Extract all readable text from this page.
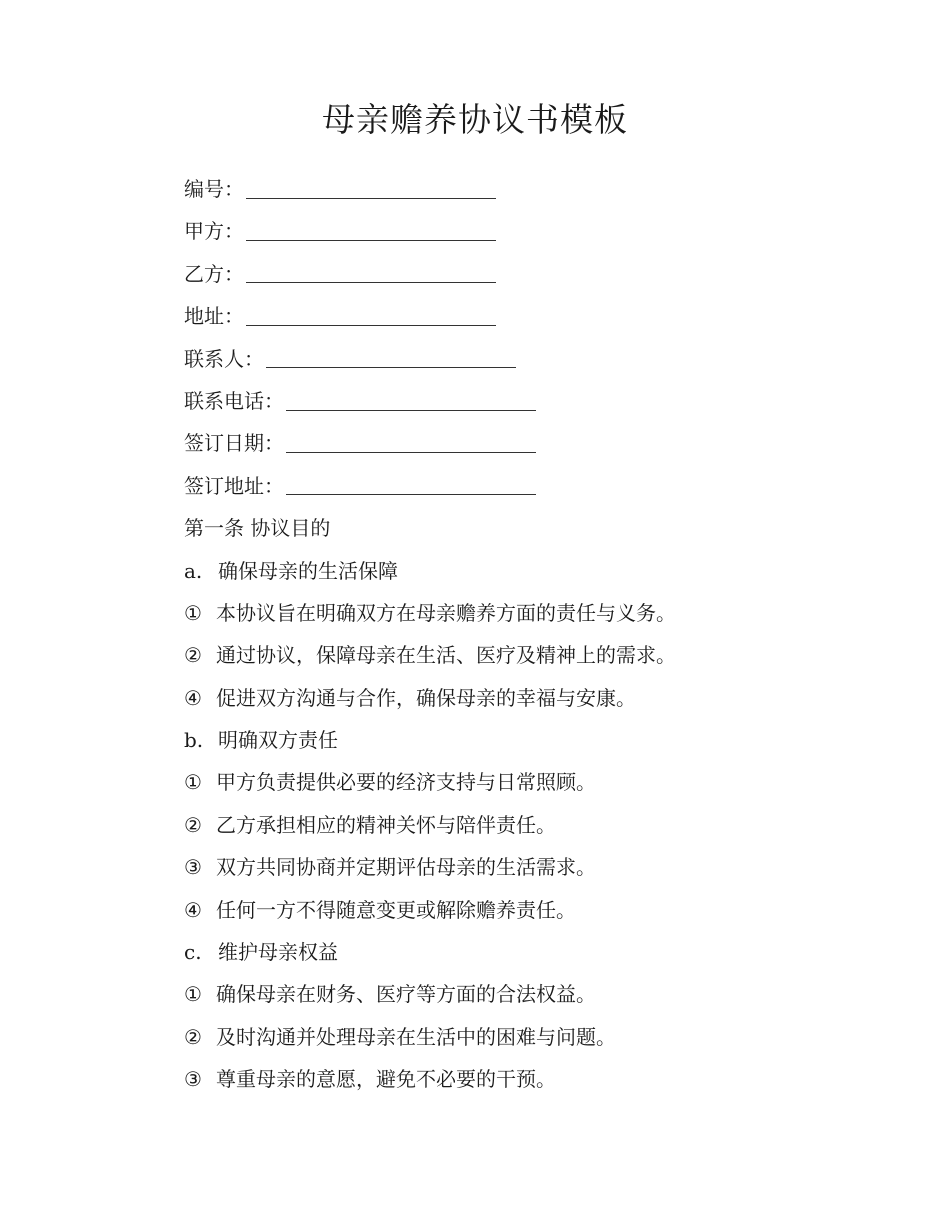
母亲赡养协议书模板
编号：
甲方：
乙方：
地址：
联系人：
联系电话：
签订日期：
签订地址：
第一条 协议目的
a. 确保母亲的生活保障
① 本协议旨在明确双方在母亲赡养方面的责任与义务。
② 通过协议，保障母亲在生活、医疗及精神上的需求。
④ 促进双方沟通与合作，确保母亲的幸福与安康。
b. 明确双方责任
① 甲方负责提供必要的经济支持与日常照顾。
② 乙方承担相应的精神关怀与陪伴责任。
③ 双方共同协商并定期评估母亲的生活需求。
④ 任何一方不得随意变更或解除赡养责任。
c. 维护母亲权益
① 确保母亲在财务、医疗等方面的合法权益。
② 及时沟通并处理母亲在生活中的困难与问题。
③ 尊重母亲的意愿，避免不必要的干预。
